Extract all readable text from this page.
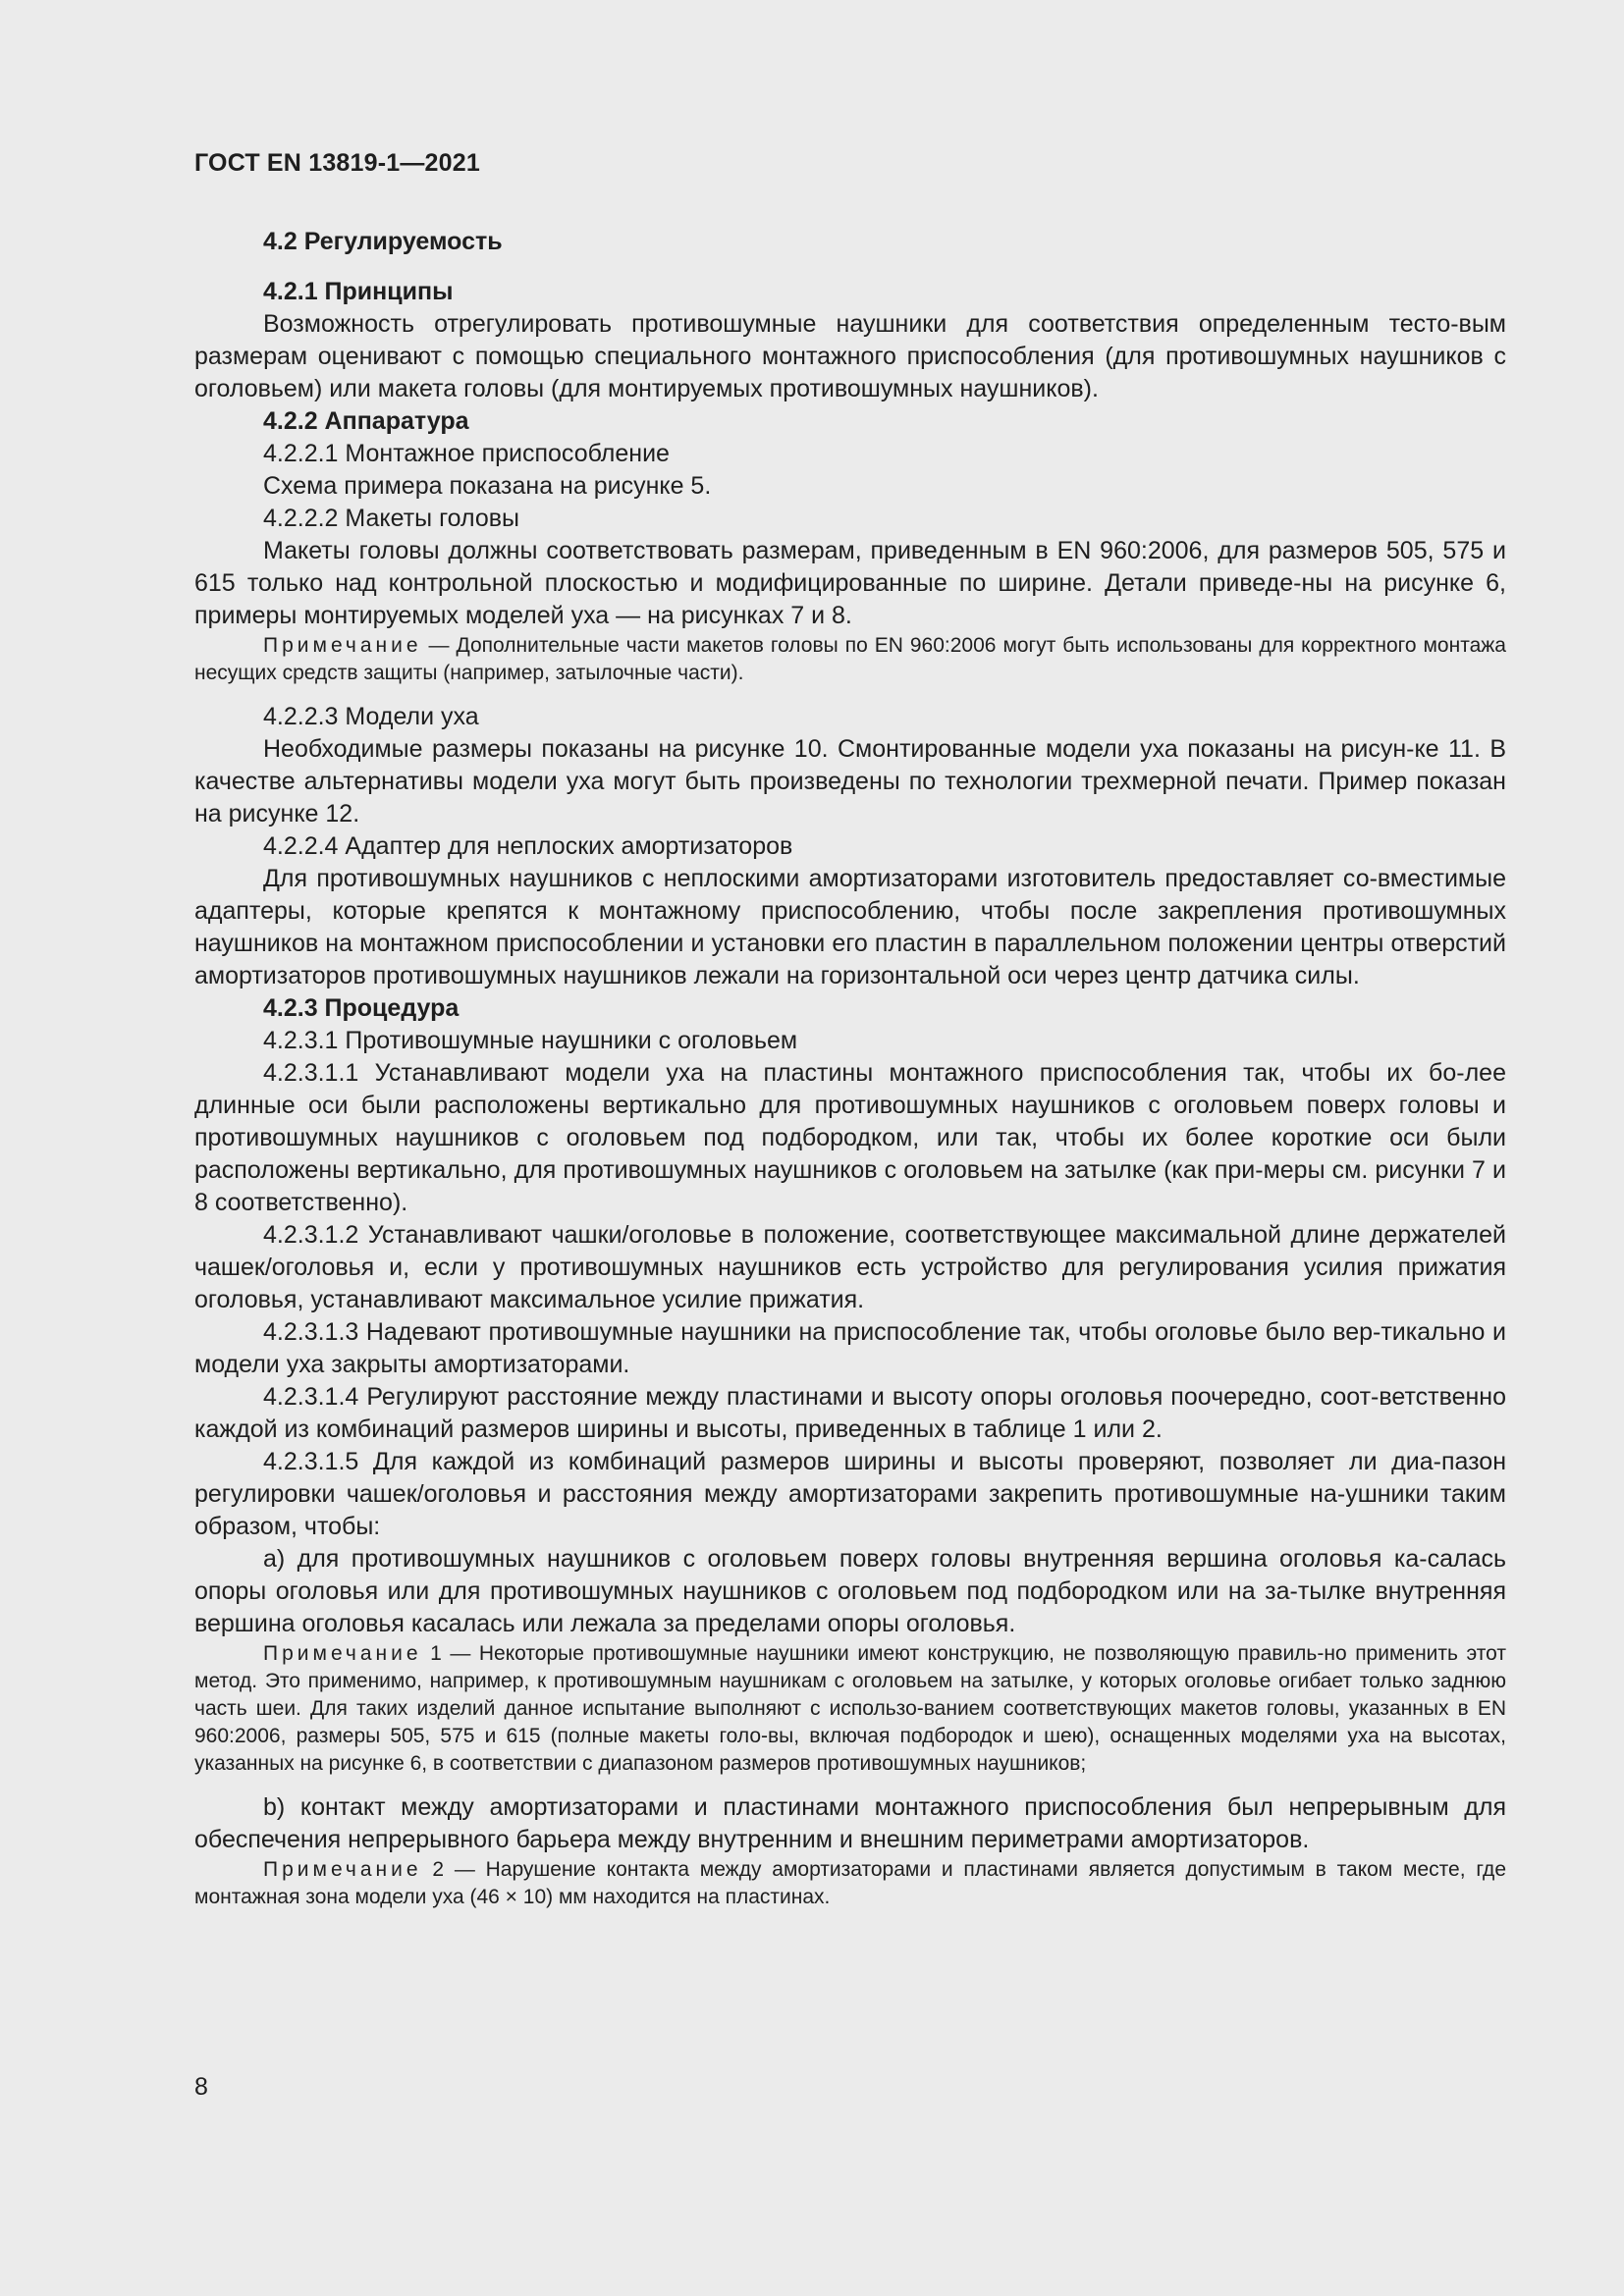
ГОСТ EN 13819-1—2021

4.2 Регулируемость

4.2.1 Принципы

Возможность отрегулировать противошумные наушники для соответствия определенным тесто-вым размерам оценивают с помощью специального монтажного приспособления (для противошумных наушников с оголовьем) или макета головы (для монтируемых противошумных наушников).

4.2.2 Аппаратура

4.2.2.1 Монтажное приспособление

Схема примера показана на рисунке 5.

4.2.2.2 Макеты головы

Макеты головы должны соответствовать размерам, приведенным в EN 960:2006, для размеров 505, 575 и 615 только над контрольной плоскостью и модифицированные по ширине. Детали приведе-ны на рисунке 6, примеры монтируемых моделей уха — на рисунках 7 и 8.

Примечание — Дополнительные части макетов головы по EN 960:2006 могут быть использованы для корректного монтажа несущих средств защиты (например, затылочные части).

4.2.2.3 Модели уха

Необходимые размеры показаны на рисунке 10. Смонтированные модели уха показаны на рисун-ке 11. В качестве альтернативы модели уха могут быть произведены по технологии трехмерной печати. Пример показан на рисунке 12.

4.2.2.4 Адаптер для неплоских амортизаторов

Для противошумных наушников с неплоскими амортизаторами изготовитель предоставляет со-вместимые адаптеры, которые крепятся к монтажному приспособлению, чтобы после закрепления противошумных наушников на монтажном приспособлении и установки его пластин в параллельном положении центры отверстий амортизаторов противошумных наушников лежали на горизонтальной оси через центр датчика силы.

4.2.3 Процедура

4.2.3.1 Противошумные наушники с оголовьем

4.2.3.1.1 Устанавливают модели уха на пластины монтажного приспособления так, чтобы их бо-лее длинные оси были расположены вертикально для противошумных наушников с оголовьем поверх головы и противошумных наушников с оголовьем под подбородком, или так, чтобы их более короткие оси были расположены вертикально, для противошумных наушников с оголовьем на затылке (как при-меры см. рисунки 7 и 8 соответственно).

4.2.3.1.2 Устанавливают чашки/оголовье в положение, соответствующее максимальной длине держателей чашек/оголовья и, если у противошумных наушников есть устройство для регулирования усилия прижатия оголовья, устанавливают максимальное усилие прижатия.

4.2.3.1.3 Надевают противошумные наушники на приспособление так, чтобы оголовье было вер-тикально и модели уха закрыты амортизаторами.

4.2.3.1.4 Регулируют расстояние между пластинами и высоту опоры оголовья поочередно, соот-ветственно каждой из комбинаций размеров ширины и высоты, приведенных в таблице 1 или 2.

4.2.3.1.5 Для каждой из комбинаций размеров ширины и высоты проверяют, позволяет ли диа-пазон регулировки чашек/оголовья и расстояния между амортизаторами закрепить противошумные на-ушники таким образом, чтобы:

а) для противошумных наушников с оголовьем поверх головы внутренняя вершина оголовья ка-салась опоры оголовья или для противошумных наушников с оголовьем под подбородком или на за-тылке внутренняя вершина оголовья касалась или лежала за пределами опоры оголовья.

Примечание 1 — Некоторые противошумные наушники имеют конструкцию, не позволяющую правиль-но применить этот метод. Это применимо, например, к противошумным наушникам с оголовьем на затылке, у которых оголовье огибает только заднюю часть шеи. Для таких изделий данное испытание выполняют с использо-ванием соответствующих макетов головы, указанных в EN 960:2006, размеры 505, 575 и 615 (полные макеты голо-вы, включая подбородок и шею), оснащенных моделями уха на высотах, указанных на рисунке 6, в соответствии с диапазоном размеров противошумных наушников;

b) контакт между амортизаторами и пластинами монтажного приспособления был непрерывным для обеспечения непрерывного барьера между внутренним и внешним периметрами амортизаторов.

Примечание 2 — Нарушение контакта между амортизаторами и пластинами является допустимым в таком месте, где монтажная зона модели уха (46 × 10) мм находится на пластинах.

8
